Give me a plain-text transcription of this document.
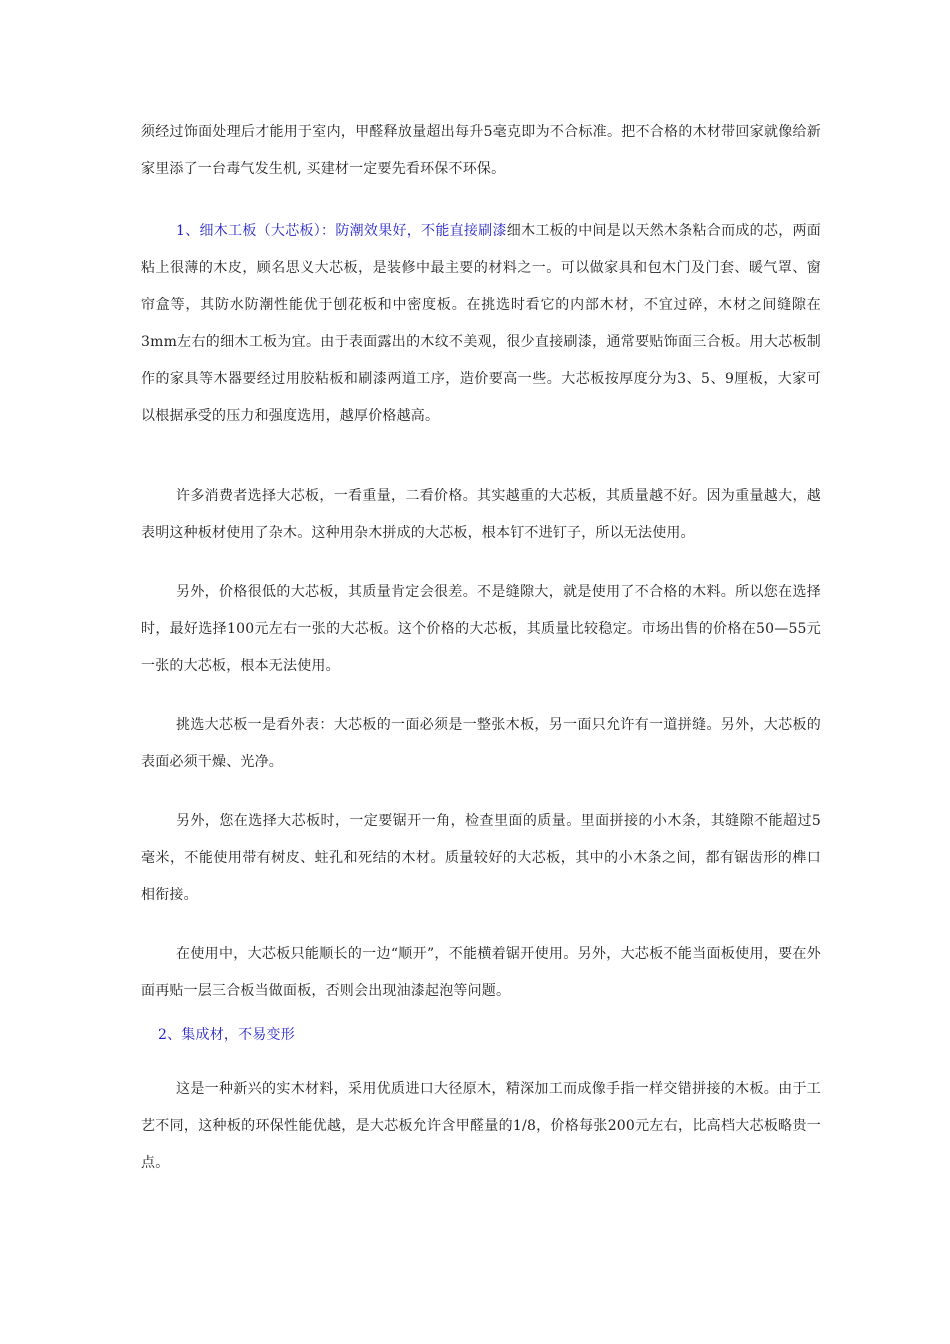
须经过饰面处理后才能用于室内，甲醛释放量超出每升5毫克即为不合标准。把不合格的木材带回家就像给新家里添了一台毒气发生机, 买建材一定要先看环保不环保。

1、细木工板（大芯板）：防潮效果好，不能直接刷漆细木工板的中间是以天然木条粘合而成的芯，两面粘上很薄的木皮，顾名思义大芯板，是装修中最主要的材料之一。可以做家具和包木门及门套、暖气罩、窗帘盒等，其防水防潮性能优于刨花板和中密度板。在挑选时看它的内部木材，不宜过碎，木材之间缝隙在3mm左右的细木工板为宜。由于表面露出的木纹不美观，很少直接刷漆，通常要贴饰面三合板。用大芯板制作的家具等木器要经过用胶粘板和刷漆两道工序，造价要高一些。大芯板按厚度分为3、5、9厘板，大家可以根据承受的压力和强度选用，越厚价格越高。

许多消费者选择大芯板，一看重量，二看价格。其实越重的大芯板，其质量越不好。因为重量越大，越表明这种板材使用了杂木。这种用杂木拼成的大芯板，根本钉不进钉子，所以无法使用。

另外，价格很低的大芯板，其质量肯定会很差。不是缝隙大，就是使用了不合格的木料。所以您在选择时，最好选择100元左右一张的大芯板。这个价格的大芯板，其质量比较稳定。市场出售的价格在50—55元一张的大芯板，根本无法使用。

挑选大芯板一是看外表：大芯板的一面必须是一整张木板，另一面只允许有一道拼缝。另外，大芯板的表面必须干燥、光净。

另外，您在选择大芯板时，一定要锯开一角，检查里面的质量。里面拼接的小木条，其缝隙不能超过5毫米，不能使用带有树皮、蛀孔和死结的木材。质量较好的大芯板，其中的小木条之间，都有锯齿形的榫口相衔接。

在使用中，大芯板只能顺长的一边“顺开”，不能横着锯开使用。另外，大芯板不能当面板使用，要在外面再贴一层三合板当做面板，否则会出现油漆起泡等问题。

2、集成材，不易变形

这是一种新兴的实木材料，采用优质进口大径原木，精深加工而成像手指一样交错拼接的木板。由于工艺不同，这种板的环保性能优越，是大芯板允许含甲醛量的1/8，价格每张200元左右，比高档大芯板略贵一点。
